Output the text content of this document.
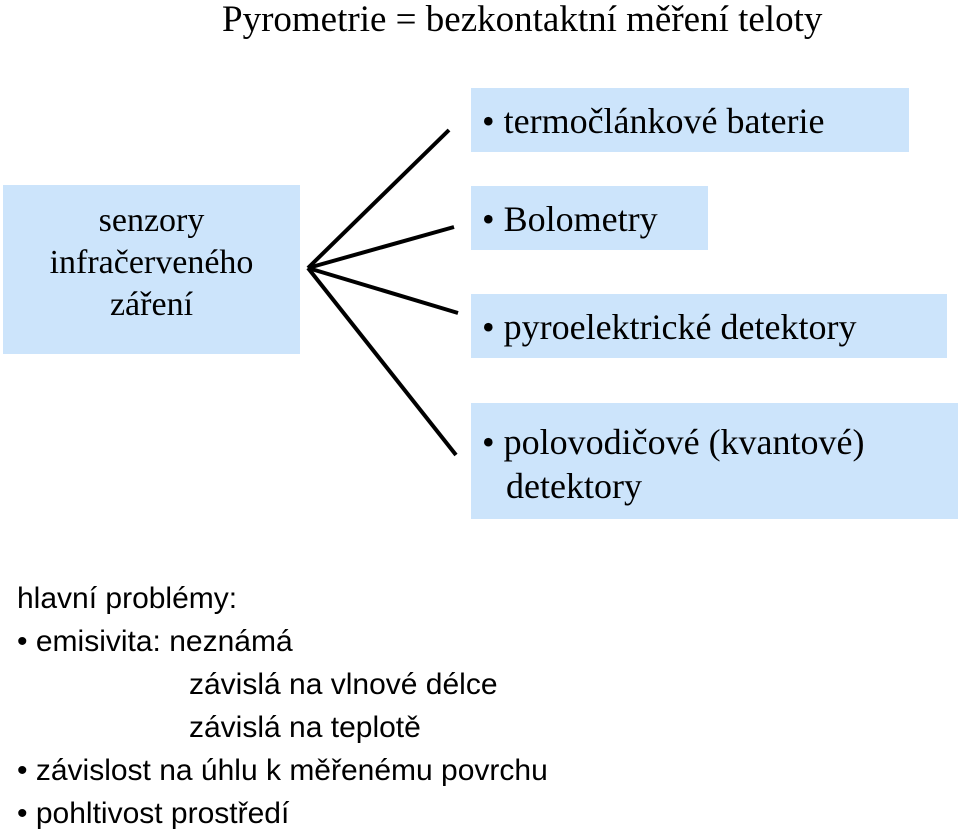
Pyrometrie = bezkontaktní měření teloty
senzory
infračerveného
záření
• termočlánkové baterie
• Bolometry
• pyroelektrické detektory
• polovodičové (kvantové)
detektory
hlavní problémy:
• emisivita: neznámá
závislá na vlnové délce
závislá na teplotě
• závislost na úhlu k měřenému povrchu
• pohltivost prostředí
